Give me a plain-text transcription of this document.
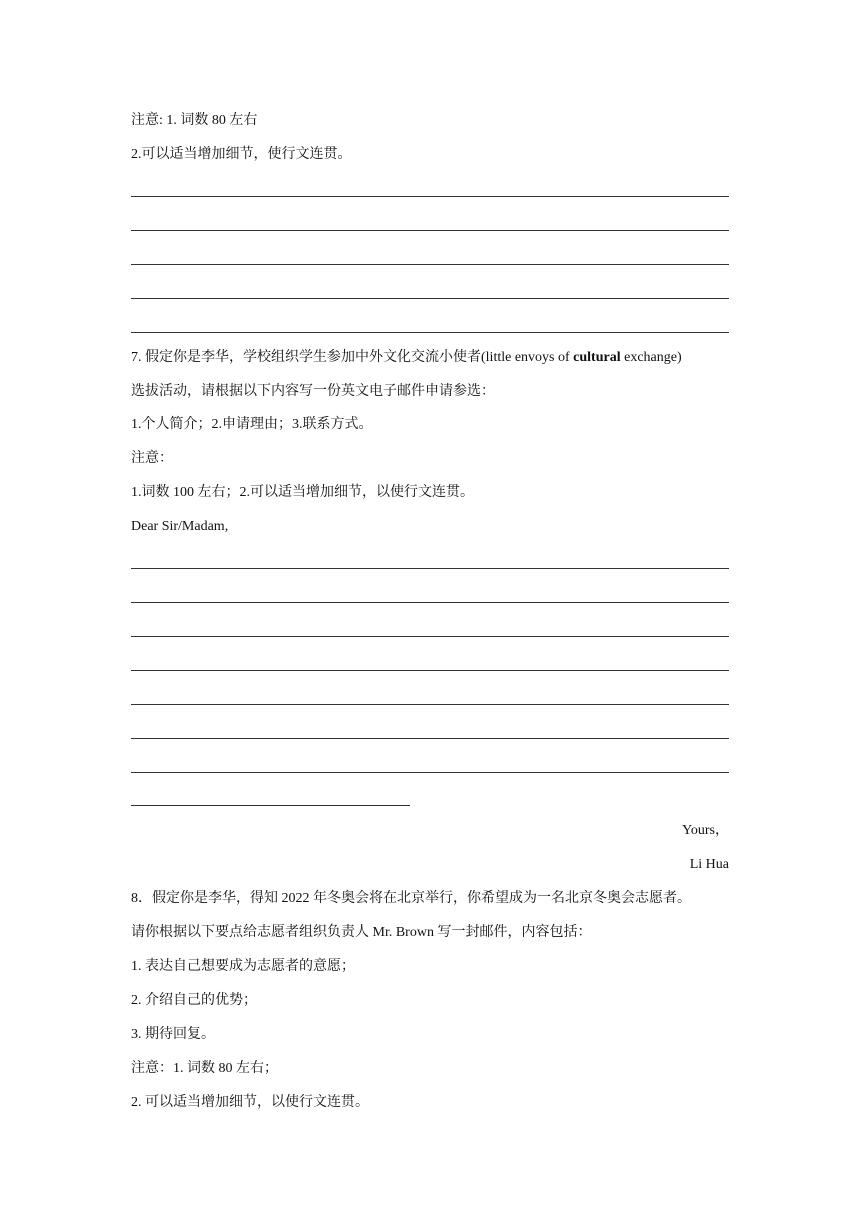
注意: 1. 词数 80 左右
2.可以适当增加细节，使行文连贯。
7. 假定你是李华，学校组织学生参加中外文化交流小使者(little envoys of cultural exchange)
选拔活动，请根据以下内容写一份英文电子邮件申请参选：
1.个人简介；2.申请理由；3.联系方式。
注意：
1.词数 100 左右；2.可以适当增加细节，以使行文连贯。
Dear Sir/Madam,
Yours，
Li Hua
8．假定你是李华，得知 2022 年冬奥会将在北京举行，你希望成为一名北京冬奥会志愿者。
请你根据以下要点给志愿者组织负责人 Mr. Brown 写一封邮件，内容包括：
1. 表达自己想要成为志愿者的意愿；
2. 介绍自己的优势；
3. 期待回复。
注意：1. 词数 80 左右；
2. 可以适当增加细节，以使行文连贯。
